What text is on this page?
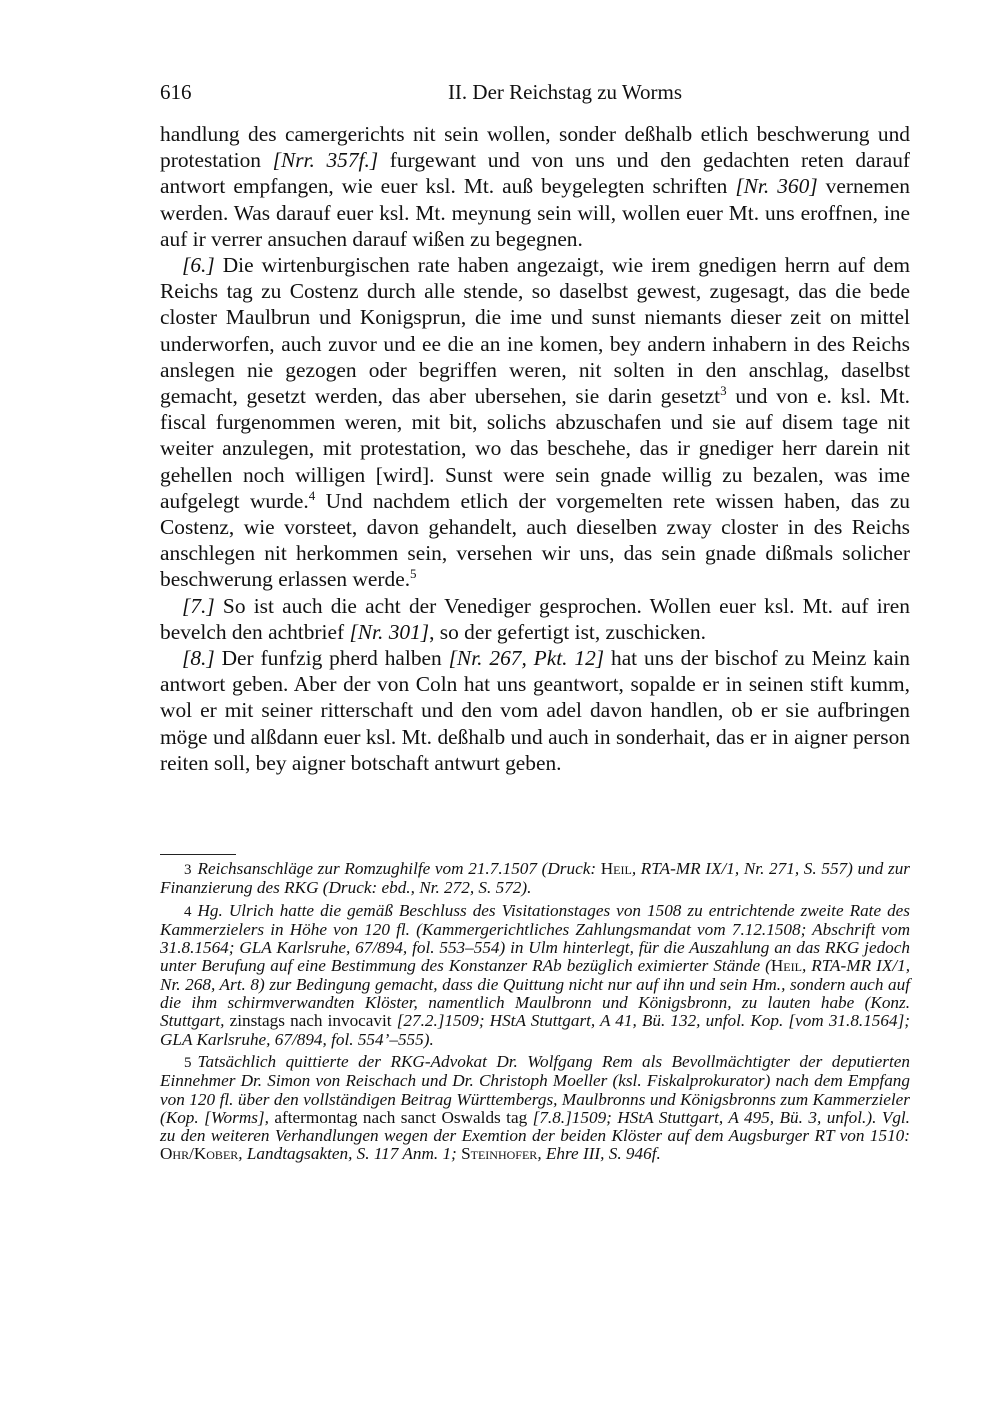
616	II. Der Reichstag zu Worms

handlung des camergerichts nit sein wollen, sonder deßhalb etlich beschwerung und protestation [Nrr. 357f.] furgewant und von uns und den gedachten reten darauf antwort empfangen, wie euer ksl. Mt. auß beygelegten schriften [Nr. 360] vernemen werden. Was darauf euer ksl. Mt. meynung sein will, wollen euer Mt. uns eroffnen, ine auf ir verrer ansuchen darauf wißen zu begegnen.

[6.] Die wirtenburgischen rate haben angezaigt, wie irem gnedigen herrn auf dem Reichs tag zu Costenz durch alle stende, so daselbst gewest, zugesagt, das die bede closter Maulbrun und Konigsprun, die ime und sunst niemants dieser zeit on mittel underworfen, auch zuvor und ee die an ine komen, bey andern inhabern in des Reichs anslegen nie gezogen oder begriffen weren, nit solten in den anschlag, daselbst gemacht, gesetzt werden, das aber ubersehen, sie darin gesetzt$^3$ und von e. ksl. Mt. fiscal furgenommen weren, mit bit, solichs abzuschafen und sie auf disem tage nit weiter anzulegen, mit protestation, wo das beschehe, das ir gnediger herr darein nit gehellen noch willigen [wird]. Sunst were sein gnade willig zu bezalen, was ime aufgelegt wurde.$^4$ Und nachdem etlich der vorgemelten rete wissen haben, das zu Costenz, wie vorsteet, davon gehandelt, auch dieselben zway closter in des Reichs anschlegen nit herkommen sein, versehen wir uns, das sein gnade dißmals solicher beschwerung erlassen werde.$^5$

[7.] So ist auch die acht der Venediger gesprochen. Wollen euer ksl. Mt. auf iren bevelch den achtbrief [Nr. 301], so der gefertigt ist, zuschicken.

[8.] Der funfzig pherd halben [Nr. 267, Pkt. 12] hat uns der bischof zu Meinz kain antwort geben. Aber der von Coln hat uns geantwort, sopalde er in seinen stift kumm, wol er mit seiner ritterschaft und den vom adel davon handlen, ob er sie aufbringen möge und alßdann euer ksl. Mt. deßhalb und auch in sonderhait, das er in aigner person reiten soll, bey aigner botschaft antwurt geben.

3 Reichsanschläge zur Romzughilfe vom 21.7.1507 (Druck: Heil, RTA-MR IX/1, Nr. 271, S. 557) und zur Finanzierung des RKG (Druck: ebd., Nr. 272, S. 572).

4 Hg. Ulrich hatte die gemäß Beschluss des Visitationstages von 1508 zu entrichtende zweite Rate des Kammerzielers in Höhe von 120 fl. (Kammergerichtliches Zahlungsmandat vom 7.12.1508; Abschrift vom 31.8.1564; GLA Karlsruhe, 67/894, fol. 553–554) in Ulm hinterlegt, für die Auszahlung an das RKG jedoch unter Berufung auf eine Bestimmung des Konstanzer RAb bezüglich eximierter Stände (Heil, RTA-MR IX/1, Nr. 268, Art. 8) zur Bedingung gemacht, dass die Quittung nicht nur auf ihn und sein Hm., sondern auch auf die ihm schirmverwandten Klöster, namentlich Maulbronn und Königsbronn, zu lauten habe (Konz. Stuttgart, zinstags nach invocavit [27.2.]1509; HStA Stuttgart, A 41, Bü. 132, unfol. Kop. [vom 31.8.1564]; GLA Karlsruhe, 67/894, fol. 554’–555).

5 Tatsächlich quittierte der RKG-Advokat Dr. Wolfgang Rem als Bevollmächtigter der deputierten Einnehmer Dr. Simon von Reischach und Dr. Christoph Moeller (ksl. Fiskalprokurator) nach dem Empfang von 120 fl. über den vollständigen Beitrag Württembergs, Maulbronns und Königsbronns zum Kammerzieler (Kop. [Worms], aftermontag nach sanct Oswalds tag [7.8.]1509; HStA Stuttgart, A 495, Bü. 3, unfol.). Vgl. zu den weiteren Verhandlungen wegen der Exemtion der beiden Klöster auf dem Augsburger RT von 1510: Ohr/Kober, Landtagsakten, S. 117 Anm. 1; Steinhofer, Ehre III, S. 946f.
